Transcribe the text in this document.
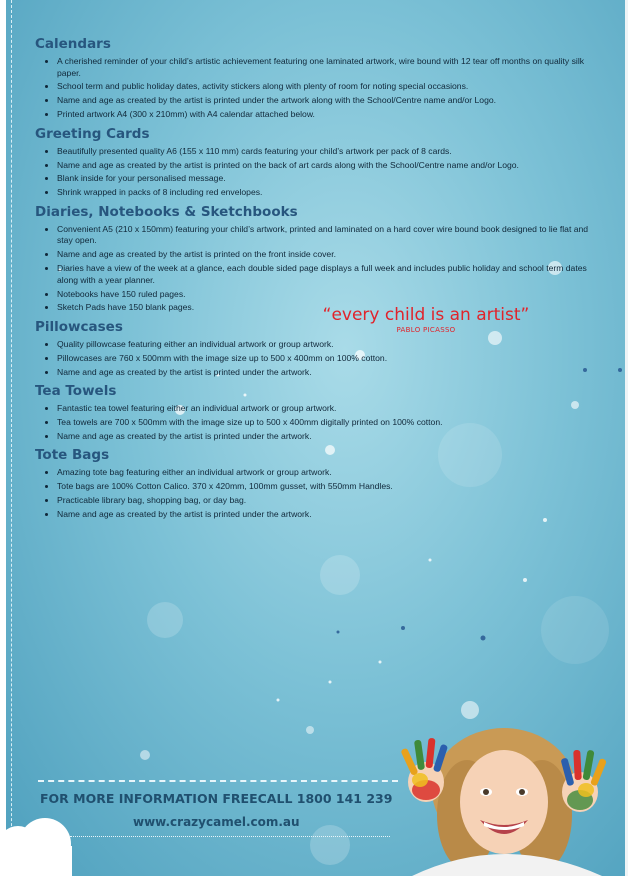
Calendars
• A cherished reminder of your child’s artistic achievement featuring one laminated artwork, wire bound with 12 tear off months on quality silk paper.
• School term and public holiday dates, activity stickers along with plenty of room for noting special occasions.
• Name and age as created by the artist is printed under the artwork along with the School/Centre name and/or Logo.
• Printed artwork A4 (300 x 210mm) with A4 calendar attached below.
Greeting Cards
• Beautifully presented quality A6 (155 x 110 mm) cards featuring your child’s artwork per pack of 8 cards.
• Name and age as created by the artist is printed on the back of art cards along with the School/Centre name and/or Logo.
• Blank inside for your personalised message.
• Shrink wrapped in packs of 8 including red envelopes.
Diaries, Notebooks & Sketchbooks
• Convenient A5 (210 x 150mm) featuring your child’s artwork, printed and laminated on a hard cover wire bound book designed to lie flat and stay open.
• Name and age as created by the artist is printed on the front inside cover.
• Diaries have a view of the week at a glance, each double sided page displays a full week and includes public holiday and school term dates along with a year planner.
• Notebooks have 150 ruled pages.
• Sketch Pads have 150 blank pages.
Pillowcases
• Quality pillowcase featuring either an individual artwork or group artwork.
• Pillowcases are 760 x 500mm with the image size up to 500 x 400mm on 100% cotton.
• Name and age as created by the artist is printed under the artwork.
Tea Towels
• Fantastic tea towel featuring either an individual artwork or group artwork.
• Tea towels are 700 x 500mm with the image size up to 500 x 400mm digitally printed on 100% cotton.
• Name and age as created by the artist is printed under the artwork.
Tote Bags
• Amazing tote bag featuring either an individual artwork or group artwork.
• Tote bags are 100% Cotton Calico. 370 x 420mm, 100mm gusset, with 550mm Handles.
• Practicable library bag, shopping bag, or day bag.
• Name and age as created by the artist is printed under the artwork.
“every child is an artist”
PABLO PICASSO
FOR MORE INFORMATION FREECALL 1800 141 239
www.crazycamel.com.au
